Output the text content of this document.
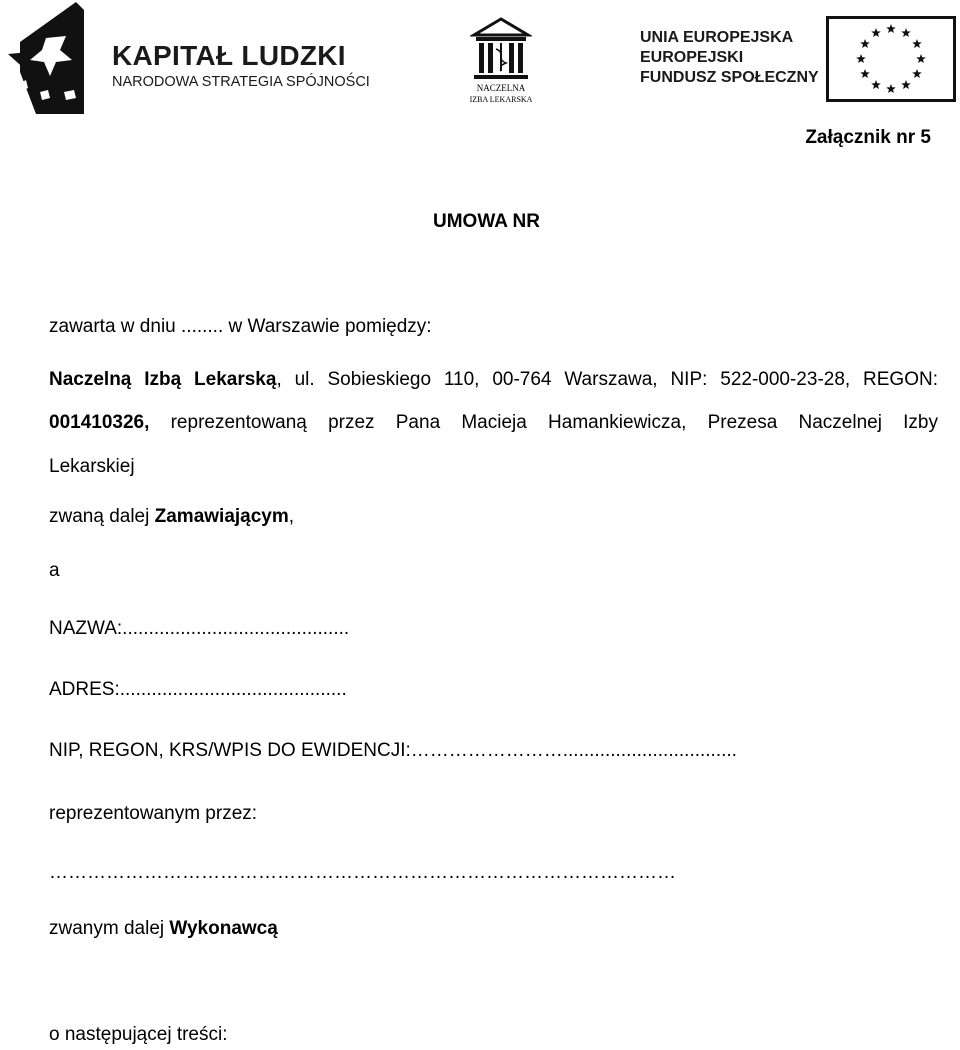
KAPITAŁ LUDZKI
NARODOWA STRATEGIA SPÓJNOŚCI	NACZELNA
IZBA LEKARSKA
UNIA EUROPEJSKA
EUROPEJSKI
FUNDUSZ SPOŁECZNY
Załącznik nr 5
UMOWA NR
zawarta w dniu ........ w Warszawie pomiędzy:
Naczelną Izbą Lekarską, ul. Sobieskiego 110, 00-764 Warszawa, NIP: 522-000-23-28, REGON:
001410326, reprezentowaną przez Pana Macieja Hamankiewicza, Prezesa Naczelnej Izby
Lekarskiej
zwaną dalej Zamawiającym,
a
NAZWA:...........................................
ADRES:...........................................
NIP, REGON, KRS/WPIS DO EWIDENCJI:…………………….................................
reprezentowanym przez:
………………………………………………………………………………………
zwanym dalej Wykonawcą
o następującej treści:
